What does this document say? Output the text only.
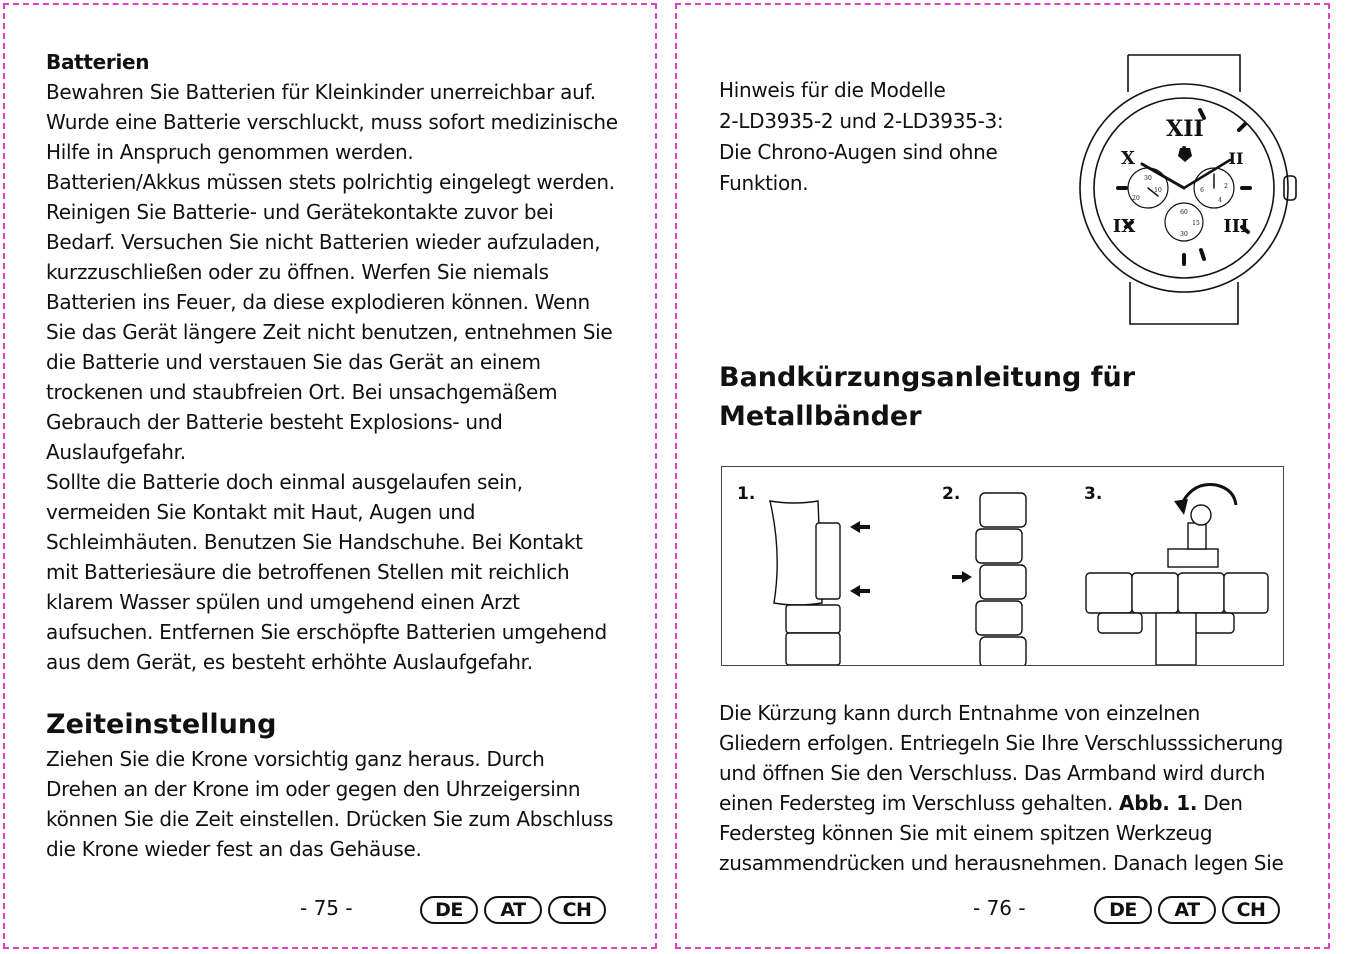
Batterien

Bewahren Sie Batterien für Kleinkinder unerreichbar auf.

Wurde eine Batterie verschluckt, muss sofort medizinische

Hilfe in Anspruch genommen werden.

Batterien/Akkus müssen stets polrichtig eingelegt werden.

Reinigen Sie Batterie- und Gerätekontakte zuvor bei

Bedarf. Versuchen Sie nicht Batterien wieder aufzuladen,

kurzzuschließen oder zu öffnen. Werfen Sie niemals

Batterien ins Feuer, da diese explodieren können. Wenn

Sie das Gerät längere Zeit nicht benutzen, entnehmen Sie

die Batterie und verstauen Sie das Gerät an einem

trockenen und staubfreien Ort. Bei unsachgemäßem

Gebrauch der Batterie besteht Explosions- und

Auslaufgefahr.

Sollte die Batterie doch einmal ausgelaufen sein,

vermeiden Sie Kontakt mit Haut, Augen und

Schleimhäuten. Benutzen Sie Handschuhe. Bei Kontakt

mit Batteriesäure die betroffenen Stellen mit reichlich

klarem Wasser spülen und umgehend einen Arzt

aufsuchen. Entfernen Sie erschöpfte Batterien umgehend

aus dem Gerät, es besteht erhöhte Auslaufgefahr.

Zeiteinstellung

Ziehen Sie die Krone vorsichtig ganz heraus. Durch

Drehen an der Krone im oder gegen den Uhrzeigersinn

können Sie die Zeit einstellen. Drücken Sie zum Abschluss

die Krone wieder fest an das Gehäuse.

- 75 -	DE	AT	CH

Hinweis für die Modelle

2-LD3935-2 und 2-LD3935-3:

Die Chrono-Augen sind ohne

Funktion.

XII
II
III
X
IX
10
20
30
60
15
30
2
4
6
Bandkürzungsanleitung für
Metallbänder
1.	2.	3.

Die Kürzung kann durch Entnahme von einzelnen

Gliedern erfolgen. Entriegeln Sie Ihre Verschlusssicherung

und öffnen Sie den Verschluss. Das Armband wird durch

einen Federsteg im Verschluss gehalten. Abb. 1. Den

Federsteg können Sie mit einem spitzen Werkzeug

zusammendrücken und herausnehmen. Danach legen Sie

- 76 -	DE	AT	CH
